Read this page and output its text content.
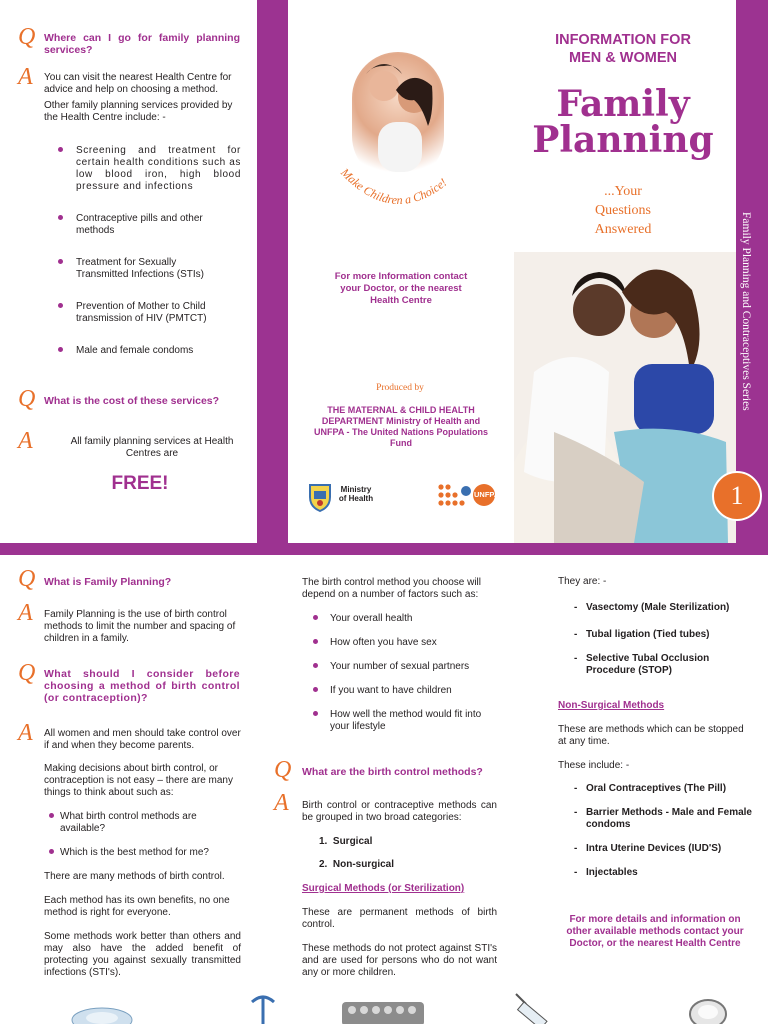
Q Where can I go for family planning services?
A You can visit the nearest Health Centre for advice and help on choosing a method.
Other family planning services provided by the Health Centre include: -
Screening and treatment for certain health conditions such as low blood iron, high blood pressure and infections
Contraceptive pills and other methods
Treatment for Sexually Transmitted Infections (STIs)
Prevention of Mother to Child transmission of HIV (PMTCT)
Male and female condoms
Q What is the cost of these services?
A	All family planning services at Health Centres are
FREE!
Make Children a Choice!
For more Information contact your Doctor, or the nearest Health Centre
Produced by
THE MATERNAL & CHILD HEALTH DEPARTMENT Ministry of Health and UNFPA - The United Nations Populations Fund
Ministry of Health	UNFPA
INFORMATION FOR MEN & WOMEN
Family
Planning
...Your
Questions
Answered
1
Family Planning and Contraceptives Series
Q What is Family Planning?
A Family Planning is the use of birth control methods to limit the number and spacing of children in a family.
Q What should I consider before choosing a method of birth control (or contraception)?
A All women and men should take control over if and when they become parents.
Making decisions about birth control, or contraception is not easy – there are many things to think about such as:
What birth control methods are available?
Which is the best method for me?
There are many methods of birth control.
Each method has its own benefits, no one method is right for everyone.
Some methods work better than others and may also have the added benefit of protecting you against sexually transmitted infections (STI's).
The birth control method you choose will depend on a number of factors such as:
Your overall health
How often you have sex
Your number of sexual partners
If you want to have children
How well the method would fit into your lifestyle
Q What are the birth control methods?
A Birth control or contraceptive methods can be grouped in two broad categories:
1.  Surgical
2.  Non-surgical
Surgical Methods (or Sterilization)
These are permanent methods of birth control.
These methods do not protect against STI's and are used for persons who do not want any or more children.
They are: -
- Vasectomy (Male Sterilization)
- Tubal ligation (Tied tubes)
- Selective Tubal Occlusion Procedure (STOP)
Non-Surgical Methods
These are methods which can be stopped at any time.
These include: -
- Oral Contraceptives (The Pill)
- Barrier Methods - Male and Female condoms
- Intra Uterine Devices (IUD'S)
- Injectables
For more details and information on other available methods contact your Doctor, or the nearest Health Centre
